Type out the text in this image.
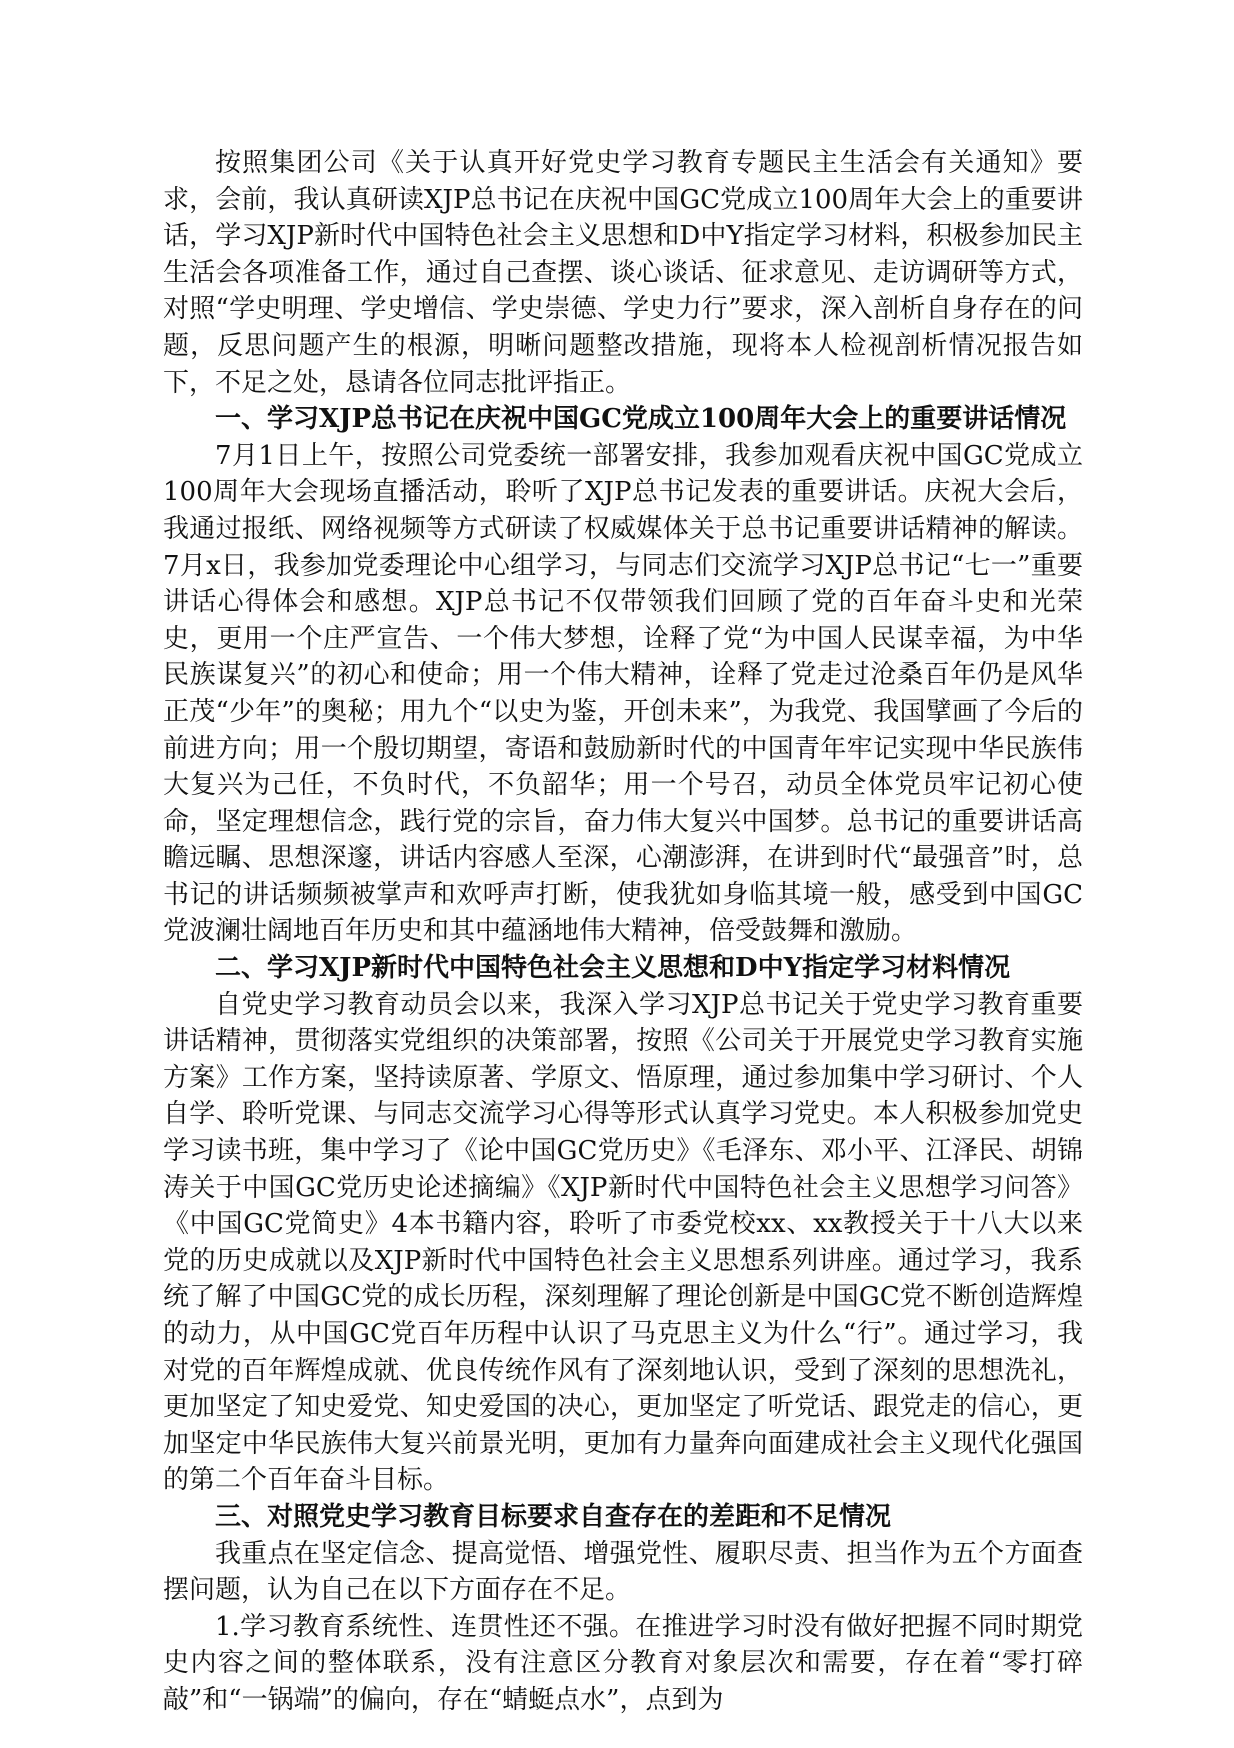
按照集团公司《关于认真开好党史学习教育专题民主生活会有关通知》要求，会前，我认真研读XJP总书记在庆祝中国GC党成立100周年大会上的重要讲话，学习XJP新时代中国特色社会主义思想和D中Y指定学习材料，积极参加民主生活会各项准备工作，通过自己查摆、谈心谈话、征求意见、走访调研等方式，对照“学史明理、学史增信、学史崇德、学史力行”要求，深入剖析自身存在的问题，反思问题产生的根源，明晰问题整改措施，现将本人检视剖析情况报告如下，不足之处，恳请各位同志批评指正。

一、学习XJP总书记在庆祝中国GC党成立100周年大会上的重要讲话情况

7月1日上午，按照公司党委统一部署安排，我参加观看庆祝中国GC党成立100周年大会现场直播活动，聆听了XJP总书记发表的重要讲话。庆祝大会后，我通过报纸、网络视频等方式研读了权威媒体关于总书记重要讲话精神的解读。7月x日，我参加党委理论中心组学习，与同志们交流学习XJP总书记“七一”重要讲话心得体会和感想。XJP总书记不仅带领我们回顾了党的百年奋斗史和光荣史，更用一个庄严宣告、一个伟大梦想，诠释了党“为中国人民谋幸福，为中华民族谋复兴”的初心和使命；用一个伟大精神，诠释了党走过沧桑百年仍是风华正茂“少年”的奥秘；用九个“以史为鉴，开创未来”，为我党、我国擘画了今后的前进方向；用一个殷切期望，寄语和鼓励新时代的中国青年牢记实现中华民族伟大复兴为己任，不负时代，不负韶华；用一个号召，动员全体党员牢记初心使命，坚定理想信念，践行党的宗旨，奋力伟大复兴中国梦。总书记的重要讲话高瞻远瞩、思想深邃，讲话内容感人至深，心潮澎湃，在讲到时代“最强音”时，总书记的讲话频频被掌声和欢呼声打断，使我犹如身临其境一般，感受到中国GC党波澜壮阔地百年历史和其中蕴涵地伟大精神，倍受鼓舞和激励。

二、学习XJP新时代中国特色社会主义思想和D中Y指定学习材料情况

自党史学习教育动员会以来，我深入学习XJP总书记关于党史学习教育重要讲话精神，贯彻落实党组织的决策部署，按照《公司关于开展党史学习教育实施方案》工作方案，坚持读原著、学原文、悟原理，通过参加集中学习研讨、个人自学、聆听党课、与同志交流学习心得等形式认真学习党史。本人积极参加党史学习读书班，集中学习了《论中国GC党历史》《毛泽东、邓小平、江泽民、胡锦涛关于中国GC党历史论述摘编》《XJP新时代中国特色社会主义思想学习问答》《中国GC党简史》4本书籍内容，聆听了市委党校xx、xx教授关于十八大以来党的历史成就以及XJP新时代中国特色社会主义思想系列讲座。通过学习，我系统了解了中国GC党的成长历程，深刻理解了理论创新是中国GC党不断创造辉煌的动力，从中国GC党百年历程中认识了马克思主义为什么“行”。通过学习，我对党的百年辉煌成就、优良传统作风有了深刻地认识，受到了深刻的思想洗礼，更加坚定了知史爱党、知史爱国的决心，更加坚定了听党话、跟党走的信心，更加坚定中华民族伟大复兴前景光明，更加有力量奔向面建成社会主义现代化强国的第二个百年奋斗目标。

三、对照党史学习教育目标要求自查存在的差距和不足情况

我重点在坚定信念、提高觉悟、增强党性、履职尽责、担当作为五个方面查摆问题，认为自己在以下方面存在不足。

1.学习教育系统性、连贯性还不强。在推进学习时没有做好把握不同时期党史内容之间的整体联系，没有注意区分教育对象层次和需要，存在着“零打碎敲”和“一锅端”的偏向，存在“蜻蜓点水”，点到为
